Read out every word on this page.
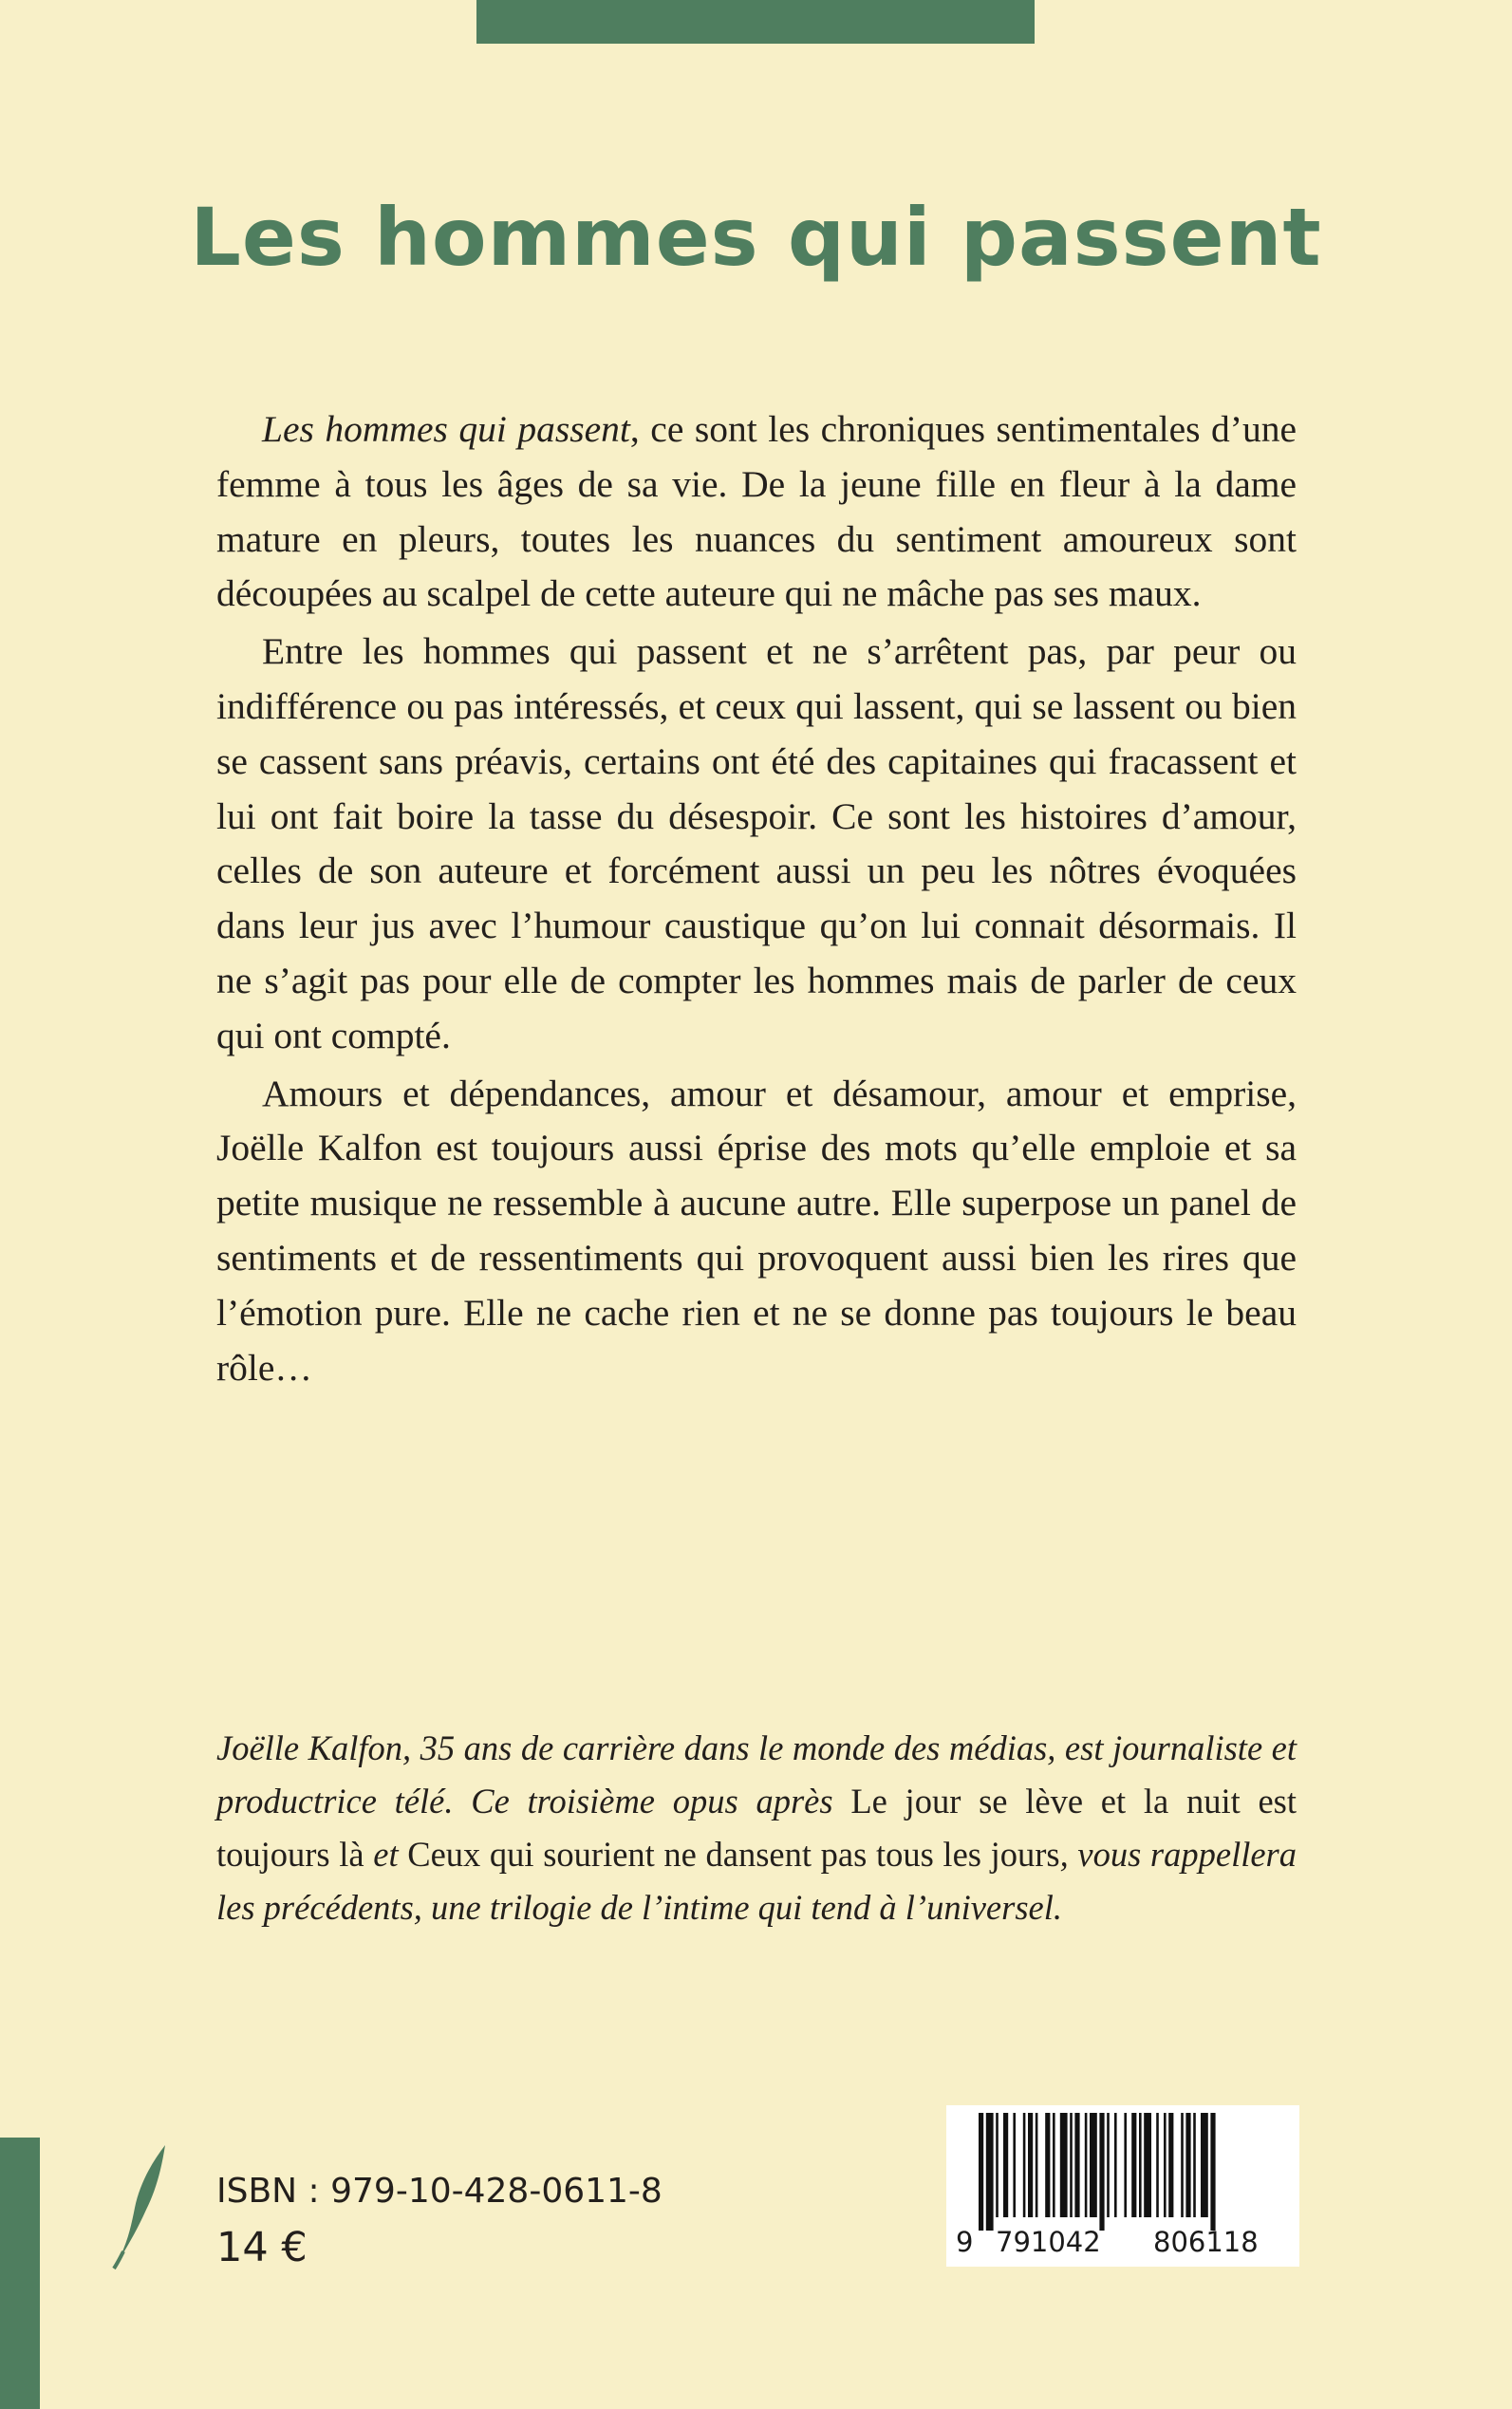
Les hommes qui passent

Les hommes qui passent, ce sont les chroniques sentimentales d’une femme à tous les âges de sa vie. De la jeune fille en fleur à la dame mature en pleurs, toutes les nuances du sentiment amoureux sont découpées au scalpel de cette auteure qui ne mâche pas ses maux.

Entre les hommes qui passent et ne s’arrêtent pas, par peur ou indifférence ou pas intéressés, et ceux qui lassent, qui se lassent ou bien se cassent sans préavis, certains ont été des capitaines qui fracassent et lui ont fait boire la tasse du désespoir. Ce sont les histoires d’amour, celles de son auteure et forcément aussi un peu les nôtres évoquées dans leur jus avec l’humour caustique qu’on lui connait désormais. Il ne s’agit pas pour elle de compter les hommes mais de parler de ceux qui ont compté.

Amours et dépendances, amour et désamour, amour et emprise, Joëlle Kalfon est toujours aussi éprise des mots qu’elle emploie et sa petite musique ne ressemble à aucune autre. Elle superpose un panel de sentiments et de ressentiments qui provoquent aussi bien les rires que l’émotion pure. Elle ne cache rien et ne se donne pas toujours le beau rôle…

Joëlle Kalfon, 35 ans de carrière dans le monde des médias, est journaliste et productrice télé. Ce troisième opus après Le jour se lève et la nuit est toujours là et Ceux qui sourient ne dansent pas tous les jours, vous rappellera les précédents, une trilogie de l’intime qui tend à l’universel.
ISBN : 979-10-428-0611-8
14 €	9 791042 806118
